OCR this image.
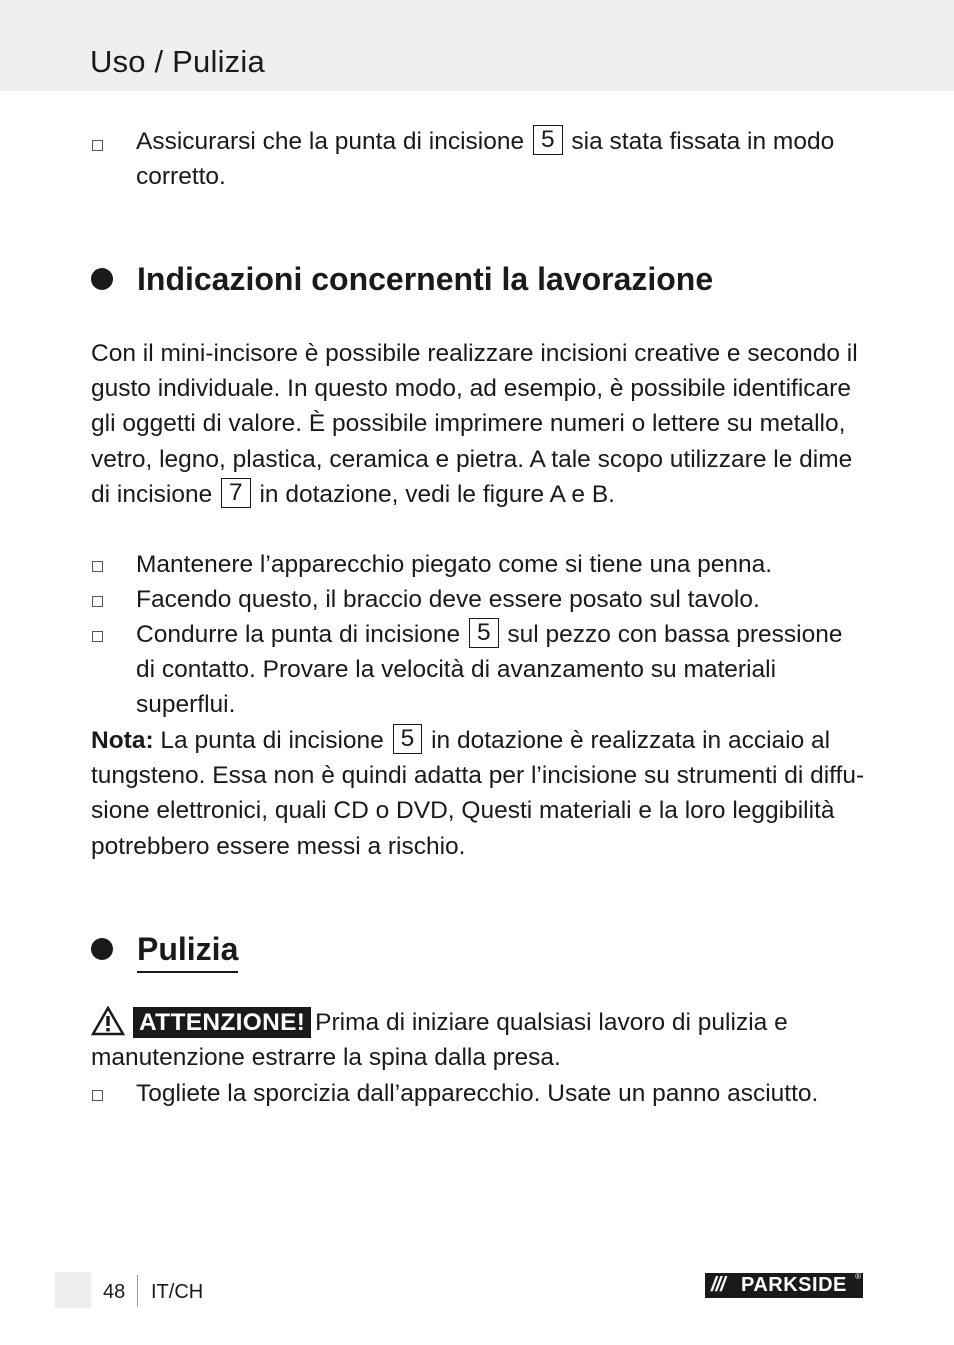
Uso / Pulizia
Assicurarsi che la punta di incisione 5 sia stata fissata in modo corretto.
Indicazioni concernenti la lavorazione
Con il mini-incisore è possibile realizzare incisioni creative e secondo il gusto individuale. In questo modo, ad esempio, è possibile identificare gli oggetti di valore. È possibile imprimere numeri o lettere su metallo, vetro, legno, plastica, ceramica e pietra. A tale scopo utilizzare le dime di incisione 7 in dotazione, vedi le figure A e B.
Mantenere l’apparecchio piegato come si tiene una penna.
Facendo questo, il braccio deve essere posato sul tavolo.
Condurre la punta di incisione 5 sul pezzo con bassa pressione di contatto. Provare la velocità di avanzamento su materiali superflui.
Nota: La punta di incisione 5 in dotazione è realizzata in acciaio al tungsteno. Essa non è quindi adatta per l’incisione su strumenti di diffu- sione elettronici, quali CD o DVD, Questi materiali e la loro leggibilità potrebbero essere messi a rischio.
Pulizia
ATTENZIONE! Prima di iniziare qualsiasi lavoro di pulizia e manutenzione estrarre la spina dalla presa.
Togliete la sporcizia dall’apparecchio. Usate un panno asciutto.
48 IT/CH	/// PARKSIDE ®
